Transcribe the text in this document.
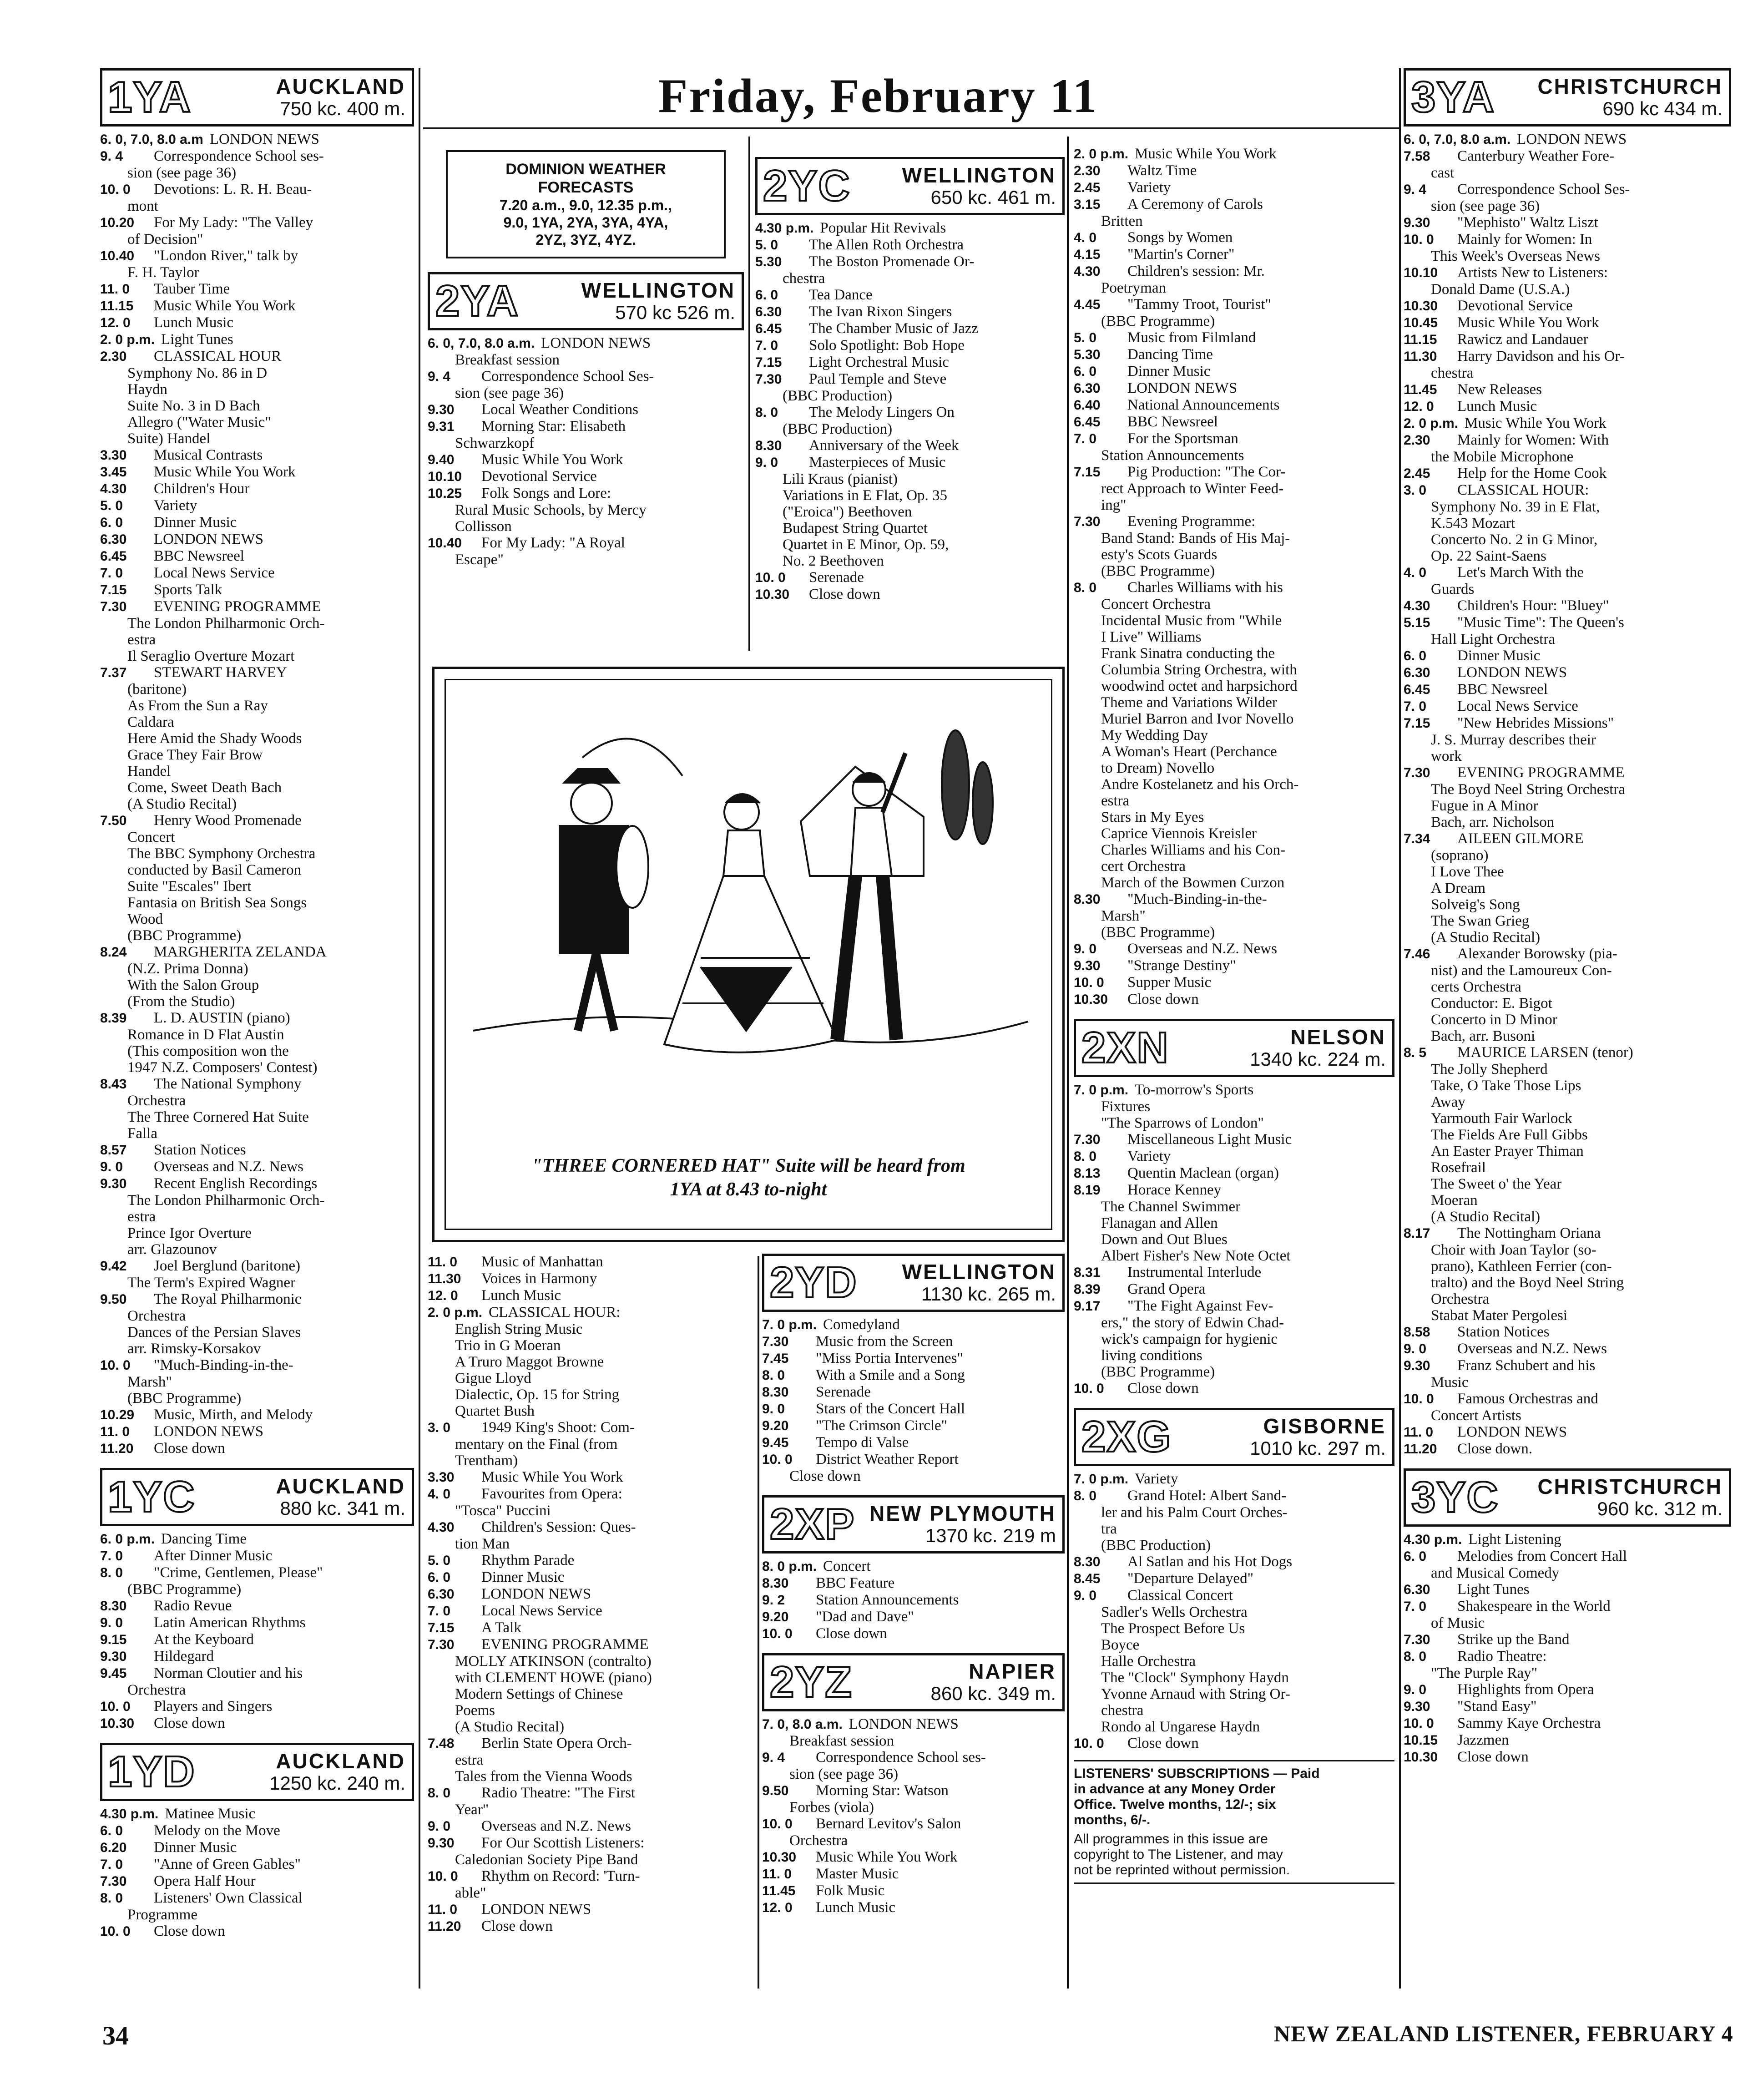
Friday, February 11
1YA	AUCKLAND
750 kc. 400 m.
6. 0, 7.0, 8.0 a.m LONDON NEWS
9. 4 Correspondence School ses-
sion (see page 36)
10. 0 Devotions: L. R. H. Beau-
mont
10.20 For My Lady: "The Valley
of Decision"
10.40 "London River," talk by
F. H. Taylor
11. 0 Tauber Time
11.15 Music While You Work
12. 0 Lunch Music
2. 0 p.m. Light Tunes
2.30 CLASSICAL HOUR
Symphony No. 86 in D
Haydn
Suite No. 3 in D Bach
Allegro ("Water Music"
Suite) Handel
3.30 Musical Contrasts
3.45 Music While You Work
4.30 Children's Hour
5. 0 Variety
6. 0 Dinner Music
6.30 LONDON NEWS
6.45 BBC Newsreel
7. 0 Local News Service
7.15 Sports Talk
7.30 EVENING PROGRAMME
The London Philharmonic Orch-
estra
Il Seraglio Overture Mozart
7.37 STEWART HARVEY
(baritone)
As From the Sun a Ray
Caldara
Here Amid the Shady Woods
Grace They Fair Brow
Handel
Come, Sweet Death Bach
(A Studio Recital)
7.50 Henry Wood Promenade
Concert
The BBC Symphony Orchestra
conducted by Basil Cameron
Suite "Escales" Ibert
Fantasia on British Sea Songs
Wood
(BBC Programme)
8.24 MARGHERITA ZELANDA
(N.Z. Prima Donna)
With the Salon Group
(From the Studio)
8.39 L. D. AUSTIN (piano)
Romance in D Flat Austin
(This composition won the
1947 N.Z. Composers' Contest)
8.43 The National Symphony
Orchestra
The Three Cornered Hat Suite
Falla
8.57 Station Notices
9. 0 Overseas and N.Z. News
9.30 Recent English Recordings
The London Philharmonic Orch-
estra
Prince Igor Overture
arr. Glazounov
9.42 Joel Berglund (baritone)
The Term's Expired Wagner
9.50 The Royal Philharmonic
Orchestra
Dances of the Persian Slaves
arr. Rimsky-Korsakov
10. 0 "Much-Binding-in-the-
Marsh"
(BBC Programme)
10.29 Music, Mirth, and Melody
11. 0 LONDON NEWS
11.20 Close down
1YC	AUCKLAND
880 kc. 341 m.
6. 0 p.m. Dancing Time
7. 0 After Dinner Music
8. 0 "Crime, Gentlemen, Please"
(BBC Programme)
8.30 Radio Revue
9. 0 Latin American Rhythms
9.15 At the Keyboard
9.30 Hildegard
9.45 Norman Cloutier and his
Orchestra
10. 0 Players and Singers
10.30 Close down
1YD	AUCKLAND
1250 kc. 240 m.
4.30 p.m. Matinee Music
6. 0 Melody on the Move
6.20 Dinner Music
7. 0 "Anne of Green Gables"
7.30 Opera Half Hour
8. 0 Listeners' Own Classical
Programme
10. 0 Close down
DOMINION WEATHER
FORECASTS
7.20 a.m., 9.0, 12.35 p.m.,
9.0, 1YA, 2YA, 3YA, 4YA,
2YZ, 3YZ, 4YZ.
2YA	WELLINGTON
570 kc 526 m.
6. 0, 7.0, 8.0 a.m. LONDON NEWS
Breakfast session
9. 4 Correspondence School Ses-
sion (see page 36)
9.30 Local Weather Conditions
9.31 Morning Star: Elisabeth
Schwarzkopf
9.40 Music While You Work
10.10 Devotional Service
10.25 Folk Songs and Lore:
Rural Music Schools, by Mercy
Collisson
10.40 For My Lady: "A Royal
Escape"
2YC	WELLINGTON
650 kc. 461 m.
4.30 p.m. Popular Hit Revivals
5. 0 The Allen Roth Orchestra
5.30 The Boston Promenade Or-
chestra
6. 0 Tea Dance
6.30 The Ivan Rixon Singers
6.45 The Chamber Music of Jazz
7. 0 Solo Spotlight: Bob Hope
7.15 Light Orchestral Music
7.30 Paul Temple and Steve
(BBC Production)
8. 0 The Melody Lingers On
(BBC Production)
8.30 Anniversary of the Week
9. 0 Masterpieces of Music
Lili Kraus (pianist)
Variations in E Flat, Op. 35
("Eroica") Beethoven
Budapest String Quartet
Quartet in E Minor, Op. 59,
No. 2 Beethoven
10. 0 Serenade
10.30 Close down
"THREE CORNERED HAT" Suite will be heard from
1YA at 8.43 to-night
11. 0 Music of Manhattan
11.30 Voices in Harmony
12. 0 Lunch Music
2. 0 p.m. CLASSICAL HOUR:
English String Music
Trio in G Moeran
A Truro Maggot Browne
Gigue Lloyd
Dialectic, Op. 15 for String
Quartet Bush
3. 0 1949 King's Shoot: Com-
mentary on the Final (from
Trentham)
3.30 Music While You Work
4. 0 Favourites from Opera:
"Tosca" Puccini
4.30 Children's Session: Ques-
tion Man
5. 0 Rhythm Parade
6. 0 Dinner Music
6.30 LONDON NEWS
7. 0 Local News Service
7.15 A Talk
7.30 EVENING PROGRAMME
MOLLY ATKINSON (contralto)
with CLEMENT HOWE (piano)
Modern Settings of Chinese
Poems
(A Studio Recital)
7.48 Berlin State Opera Orch-
estra
Tales from the Vienna Woods
8. 0 Radio Theatre: "The First
Year"
9. 0 Overseas and N.Z. News
9.30 For Our Scottish Listeners:
Caledonian Society Pipe Band
10. 0 Rhythm on Record: 'Turn-
able"
11. 0 LONDON NEWS
11.20 Close down
2YD	WELLINGTON
1130 kc. 265 m.
7. 0 p.m. Comedyland
7.30 Music from the Screen
7.45 "Miss Portia Intervenes"
8. 0 With a Smile and a Song
8.30 Serenade
9. 0 Stars of the Concert Hall
9.20 "The Crimson Circle"
9.45 Tempo di Valse
10. 0 District Weather Report
Close down
2XP NEW PLYMOUTH
1370 kc. 219 m
8. 0 p.m. Concert
8.30 BBC Feature
9. 2 Station Announcements
9.20 "Dad and Dave"
10. 0 Close down
2YZ	NAPIER
860 kc. 349 m.
7. 0, 8.0 a.m. LONDON NEWS
Breakfast session
9. 4 Correspondence School ses-
sion (see page 36)
9.50 Morning Star: Watson
Forbes (viola)
10. 0 Bernard Levitov's Salon
Orchestra
10.30 Music While You Work
11. 0 Master Music
11.45 Folk Music
12. 0 Lunch Music
2. 0 p.m. Music While You Work
2.30 Waltz Time
2.45 Variety
3.15 A Ceremony of Carols
Britten
4. 0 Songs by Women
4.15 "Martin's Corner"
4.30 Children's session: Mr.
Poetryman
4.45 "Tammy Troot, Tourist"
(BBC Programme)
5. 0 Music from Filmland
5.30 Dancing Time
6. 0 Dinner Music
6.30 LONDON NEWS
6.40 National Announcements
6.45 BBC Newsreel
7. 0 For the Sportsman
Station Announcements
7.15 Pig Production: "The Cor-
rect Approach to Winter Feed-
ing"
7.30 Evening Programme:
Band Stand: Bands of His Maj-
esty's Scots Guards
(BBC Programme)
8. 0 Charles Williams with his
Concert Orchestra
Incidental Music from "While
I Live" Williams
Frank Sinatra conducting the
Columbia String Orchestra, with
woodwind octet and harpsichord
Theme and Variations Wilder
Muriel Barron and Ivor Novello
My Wedding Day
A Woman's Heart (Perchance
to Dream) Novello
Andre Kostelanetz and his Orch-
estra
Stars in My Eyes
Caprice Viennois Kreisler
Charles Williams and his Con-
cert Orchestra
March of the Bowmen Curzon
8.30 "Much-Binding-in-the-
Marsh"
(BBC Programme)
9. 0 Overseas and N.Z. News
9.30 "Strange Destiny"
10. 0 Supper Music
10.30 Close down
2XN	NELSON
1340 kc. 224 m.
7. 0 p.m. To-morrow's Sports
Fixtures
"The Sparrows of London"
7.30 Miscellaneous Light Music
8. 0 Variety
8.13 Quentin Maclean (organ)
8.19 Horace Kenney
The Channel Swimmer
Flanagan and Allen
Down and Out Blues
Albert Fisher's New Note Octet
8.31 Instrumental Interlude
8.39 Grand Opera
9.17 "The Fight Against Fev-
ers," the story of Edwin Chad-
wick's campaign for hygienic
living conditions
(BBC Programme)
10. 0 Close down
2XG	GISBORNE
1010 kc. 297 m.
7. 0 p.m. Variety
8. 0 Grand Hotel: Albert Sand-
ler and his Palm Court Orches-
tra
(BBC Production)
8.30 Al Satlan and his Hot Dogs
8.45 "Departure Delayed"
9. 0 Classical Concert
Sadler's Wells Orchestra
The Prospect Before Us
Boyce
Halle Orchestra
The "Clock" Symphony Haydn
Yvonne Arnaud with String Or-
chestra
Rondo al Ungarese Haydn
10. 0 Close down
LISTENERS' SUBSCRIPTIONS — Paid
in advance at any Money Order
Office. Twelve months, 12/-; six
months, 6/-.
All programmes in this issue are
copyright to The Listener, and may
not be reprinted without permission.
3YA	CHRISTCHURCH
690 kc 434 m.
6. 0, 7.0, 8.0 a.m. LONDON NEWS
7.58 Canterbury Weather Fore-
cast
9. 4 Correspondence School Ses-
sion (see page 36)
9.30 "Mephisto" Waltz Liszt
10. 0 Mainly for Women: In
This Week's Overseas News
10.10 Artists New to Listeners:
Donald Dame (U.S.A.)
10.30 Devotional Service
10.45 Music While You Work
11.15 Rawicz and Landauer
11.30 Harry Davidson and his Or-
chestra
11.45 New Releases
12. 0 Lunch Music
2. 0 p.m. Music While You Work
2.30 Mainly for Women: With
the Mobile Microphone
2.45 Help for the Home Cook
3. 0 CLASSICAL HOUR:
Symphony No. 39 in E Flat,
K.543 Mozart
Concerto No. 2 in G Minor,
Op. 22 Saint-Saens
4. 0 Let's March With the
Guards
4.30 Children's Hour: "Bluey"
5.15 "Music Time": The Queen's
Hall Light Orchestra
6. 0 Dinner Music
6.30 LONDON NEWS
6.45 BBC Newsreel
7. 0 Local News Service
7.15 "New Hebrides Missions"
J. S. Murray describes their
work
7.30 EVENING PROGRAMME
The Boyd Neel String Orchestra
Fugue in A Minor
Bach, arr. Nicholson
7.34 AILEEN GILMORE
(soprano)
I Love Thee
A Dream
Solveig's Song
The Swan Grieg
(A Studio Recital)
7.46 Alexander Borowsky (pia-
nist) and the Lamoureux Con-
certs Orchestra
Conductor: E. Bigot
Concerto in D Minor
Bach, arr. Busoni
8. 5 MAURICE LARSEN (tenor)
The Jolly Shepherd
Take, O Take Those Lips
Away
Yarmouth Fair Warlock
The Fields Are Full Gibbs
An Easter Prayer Thiman
Rosefrail
The Sweet o' the Year
Moeran
(A Studio Recital)
8.17 The Nottingham Oriana
Choir with Joan Taylor (so-
prano), Kathleen Ferrier (con-
tralto) and the Boyd Neel String
Orchestra
Stabat Mater Pergolesi
8.58 Station Notices
9. 0 Overseas and N.Z. News
9.30 Franz Schubert and his
Music
10. 0 Famous Orchestras and
Concert Artists
11. 0 LONDON NEWS
11.20 Close down.
3YC	CHRISTCHURCH
960 kc. 312 m.
4.30 p.m. Light Listening
6. 0 Melodies from Concert Hall
and Musical Comedy
6.30 Light Tunes
7. 0 Shakespeare in the World
of Music
7.30 Strike up the Band
8. 0 Radio Theatre:
"The Purple Ray"
9. 0 Highlights from Opera
9.30 "Stand Easy"
10. 0 Sammy Kaye Orchestra
10.15 Jazzmen
10.30 Close down
34	NEW ZEALAND LISTENER, FEBRUARY 4
